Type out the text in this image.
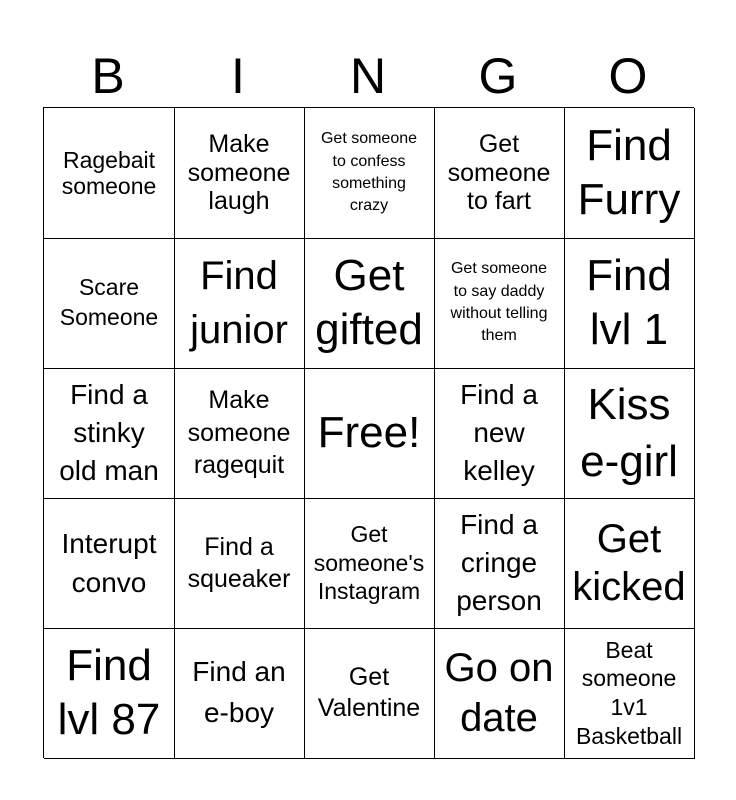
B	I	N	G	O
Ragebait someone
Make someone laugh
Get someone to confess something crazy
Get someone to fart
Find Furry
Scare Someone
Find junior
Get gifted
Get someone to say daddy without telling them
Find lvl 1
Find a stinky old man
Make someone ragequit
Free!
Find a new kelley
Kiss e-girl
Interupt convo
Find a squeaker
Get someone's Instagram
Find a cringe person
Get kicked
Find lvl 87
Find an e-boy
Get Valentine
Go on date
Beat someone 1v1 Basketball
